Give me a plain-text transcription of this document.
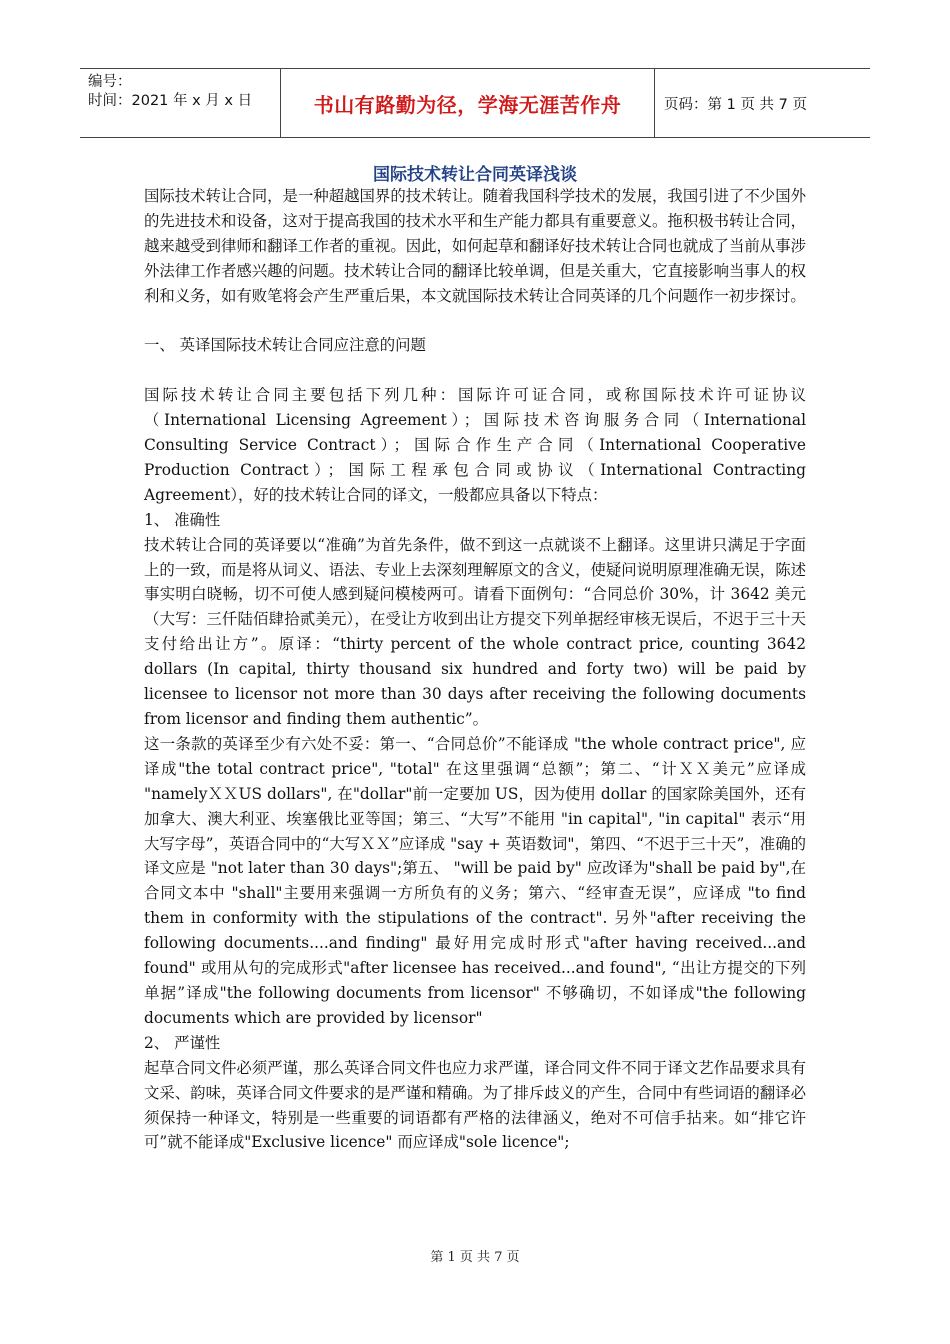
编号：
时间：2021 年 x 月 x 日	书山有路勤为径，学海无涯苦作舟	页码：第 1 页 共 7 页
国际技术转让合同英译浅谈

国际技术转让合同，是一种超越国界的技术转让。随着我国科学技术的发展，我国引进了不少国外的先进技术和设备，这对于提高我国的技术水平和生产能力都具有重要意义。拖积极书转让合同，越来越受到律师和翻译工作者的重视。因此，如何起草和翻译好技术转让合同也就成了当前从事涉外法律工作者感兴趣的问题。技术转让合同的翻译比较单调，但是关重大，它直接影响当事人的权利和义务，如有败笔将会产生严重后果，本文就国际技术转让合同英译的几个问题作一初步探讨。

一、 英译国际技术转让合同应注意的问题

国际技术转让合同主要包括下列几种：国际许可证合同，或称国际技术许可证协议（International Licensing Agreement）；国际技术咨询服务合同（International Consulting Service Contract）；国际合作生产合同（International Cooperative Production Contract）；国际工程承包合同或协议（International Contracting Agreement），好的技术转让合同的译文，一般都应具备以下特点：

1、 准确性

技术转让合同的英译要以“准确”为首先条件，做不到这一点就谈不上翻译。这里讲只满足于字面上的一致，而是将从词义、语法、专业上去深刻理解原文的含义，使疑问说明原理准确无误，陈述事实明白晓畅，切不可使人感到疑问模棱两可。请看下面例句：“合同总价 30%，计 3642 美元（大写：三仟陆佰肆拾贰美元），在受让方收到出让方提交下列单据经审核无误后，不迟于三十天支付给出让方”。原译：“thirty percent of the whole contract price, counting 3642 dollars (In capital, thirty thousand six hundred and forty two) will be paid by licensee to licensor not more than 30 days after receiving the following documents from licensor and finding them authentic”。

这一条款的英译至少有六处不妥：第一、“合同总价”不能译成 "the whole contract price", 应译成"the total contract price", "total" 在这里强调“总额”；第二、“计ＸＸ美元”应译成 "namelyＸＸUS dollars", 在"dollar"前一定要加 US，因为使用 dollar 的国家除美国外，还有加拿大、澳大利亚、埃塞俄比亚等国；第三、“大写”不能用 "in capital", "in capital" 表示“用大写字母”，英语合同中的“大写ＸＸ”应译成 "say + 英语数词"，第四、“不迟于三十天”，准确的译文应是 "not later than 30 days";第五、 "will be paid by" 应改译为"shall be paid by",在合同文本中 "shall"主要用来强调一方所负有的义务；第六、“经审查无误”，应译成 "to find them in conformity with the stipulations of the contract". 另外"after receiving the following documents....and finding" 最好用完成时形式"after having received...and found" 或用从句的完成形式"after licensee has received...and found", “出让方提交的下列单据”译成"the following documents from licensor" 不够确切，不如译成"the following documents which are provided by licensor"

2、 严谨性

起草合同文件必须严谨，那么英译合同文件也应力求严谨，译合同文件不同于译文艺作品要求具有文采、韵味，英译合同文件要求的是严谨和精确。为了排斥歧义的产生，合同中有些词语的翻译必须保持一种译文，特别是一些重要的词语都有严格的法律涵义，绝对不可信手拈来。如“排它许可”就不能译成"Exclusive licence" 而应译成"sole licence";

第 1 页 共 7 页
